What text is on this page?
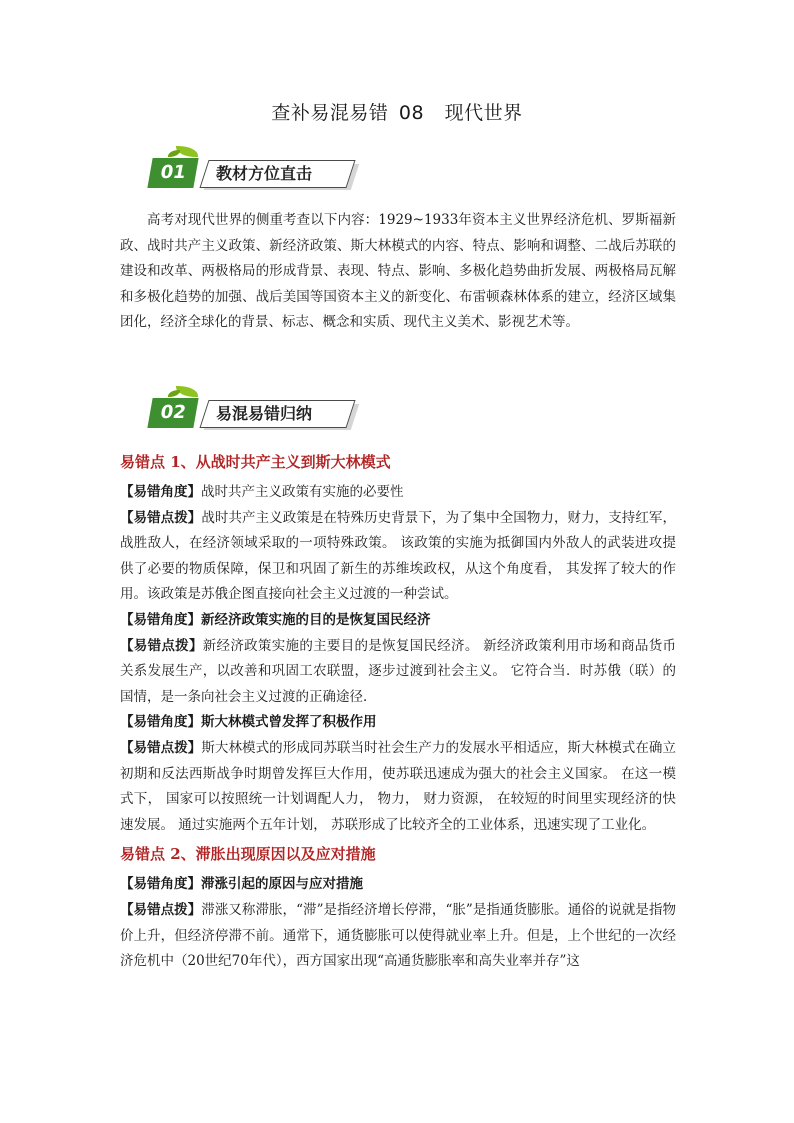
查补易混易错 08 现代世界
01	教材方位直击

高考对现代世界的侧重考查以下内容：1929~1933年资本主义世界经济危机、罗斯福新政、战时共产主义政策、新经济政策、斯大林模式的内容、特点、影响和调整、二战后苏联的建设和改革、两极格局的形成背景、表现、特点、影响、多极化趋势曲折发展、两极格局瓦解和多极化趋势的加强、战后美国等国资本主义的新变化、布雷顿森林体系的建立，经济区域集团化，经济全球化的背景、标志、概念和实质、现代主义美术、影视艺术等。

02	易混易错归纳
易错点 1、从战时共产主义到斯大林模式

【易错角度】战时共产主义政策有实施的必要性

【易错点拨】战时共产主义政策是在特殊历史背景下，为了集中全国物力，财力，支持红军，战胜敌人，在经济领域采取的一项特殊政策。 该政策的实施为抵御国内外敌人的武装进攻提供了必要的物质保障，保卫和巩固了新生的苏维埃政权，从这个角度看， 其发挥了较大的作用。该政策是苏俄企图直接向社会主义过渡的一种尝试。

【易错角度】新经济政策实施的目的是恢复国民经济

【易错点拨】新经济政策实施的主要目的是恢复国民经济。 新经济政策利用市场和商品货币关系发展生产，以改善和巩固工农联盟，逐步过渡到社会主义。 它符合当．时苏俄（联）的国情，是一条向社会主义过渡的正确途径．

【易错角度】斯大林模式曾发挥了积极作用

【易错点拨】斯大林模式的形成同苏联当时社会生产力的发展水平相适应，斯大林模式在确立初期和反法西斯战争时期曾发挥巨大作用，使苏联迅速成为强大的社会主义国家。 在这一模式下， 国家可以按照统一计划调配人力， 物力， 财力资源， 在较短的时间里实现经济的快速发展。 通过实施两个五年计划， 苏联形成了比较齐全的工业体系，迅速实现了工业化。

易错点 2、滞胀出现原因以及应对措施

【易错角度】滞涨引起的原因与应对措施

【易错点拨】滞涨又称滞胀，“滞”是指经济增长停滞，“胀”是指通货膨胀。通俗的说就是指物价上升，但经济停滞不前。通常下，通货膨胀可以使得就业率上升。但是，上个世纪的一次经济危机中（20世纪70年代），西方国家出现“高通货膨胀率和高失业率并存”这
